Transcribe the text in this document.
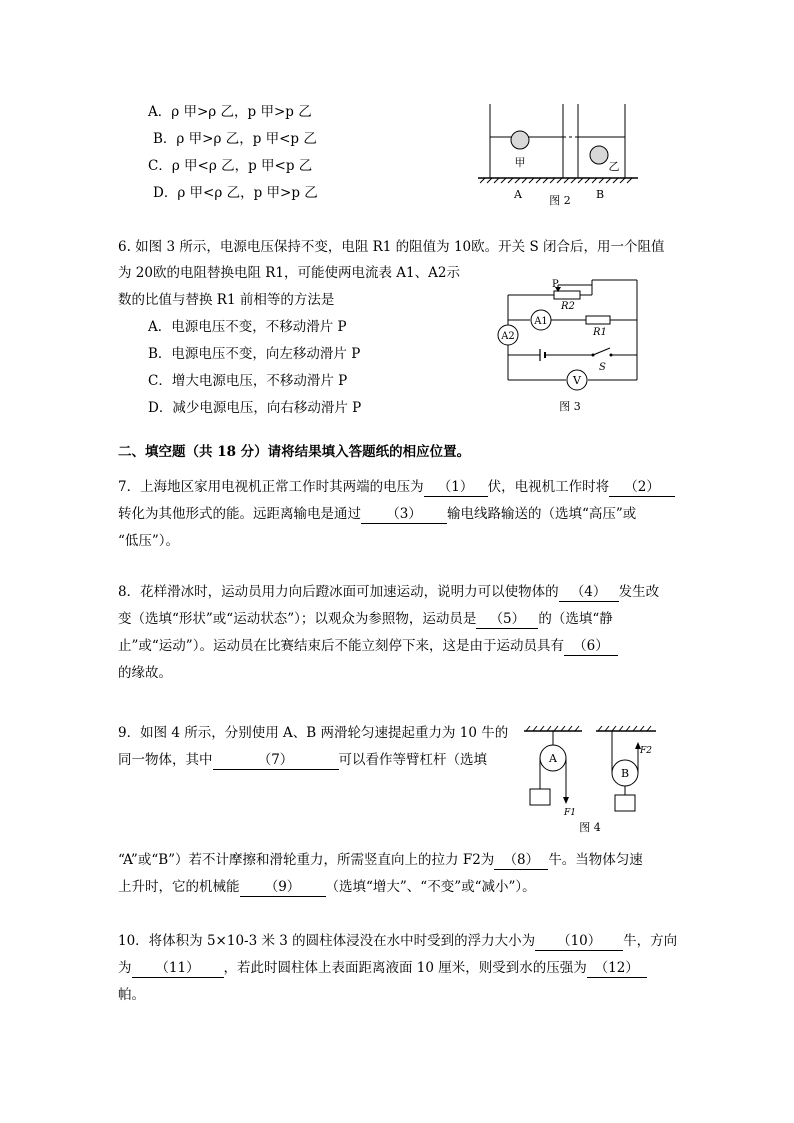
A．ρ 甲>ρ 乙，p 甲>p 乙
B．ρ 甲>ρ 乙，p 甲<p 乙
C．ρ 甲<ρ 乙，p 甲<p 乙
D．ρ 甲<ρ 乙，p 甲>p 乙
甲	乙
A	B
图 2
6. 如图 3 所示，电源电压保持不变，电阻 R1 的阻值为 10欧。开关 S 闭合后，用一个阻值
为 20欧的电阻替换电阻 R1，可能使两电流表 A1、A2示
数的比值与替换 R1 前相等的方法是
A．电源电压不变，不移动滑片 P
B．电源电压不变，向左移动滑片 P
C．增大电源电压，不移动滑片 P
D．减少电源电压，向右移动滑片 P
P
R2
A1
R1
A2
S
V
图 3
二、填空题（共 18 分）请将结果填入答题纸的相应位置。
7．上海地区家用电视机正常工作时其两端的电压为 （1） 伏，电视机工作时将 （2）
转化为其他形式的能。远距离输电是通过 （3） 输电线路输送的（选填“高压”或
“低压”）。
8．花样滑冰时，运动员用力向后蹬冰面可加速运动，说明力可以使物体的 （4） 发生改
变（选填“形状”或“运动状态”）；以观众为参照物，运动员是 （5） 的（选填“静
止”或“运动”）。运动员在比赛结束后不能立刻停下来，这是由于运动员具有 （6）
的缘故。
9．如图 4 所示，分别使用 A、B 两滑轮匀速提起重力为 10 牛的
同一物体，其中	（7）	可以看作等臂杠杆（选填	A
F1
B
F2
图 4
“A”或“B”）若不计摩擦和滑轮重力，所需竖直向上的拉力 F2为 （8） 牛。当物体匀速
上升时，它的机械能 （9） （选填“增大”、“不变”或“减小”）。
10．将体积为 5×10-3 米 3 的圆柱体浸没在水中时受到的浮力大小为 （10） 牛，方向
为 （11） ，若此时圆柱体上表面距离液面 10 厘米，则受到水的压强为 （12）
帕。
